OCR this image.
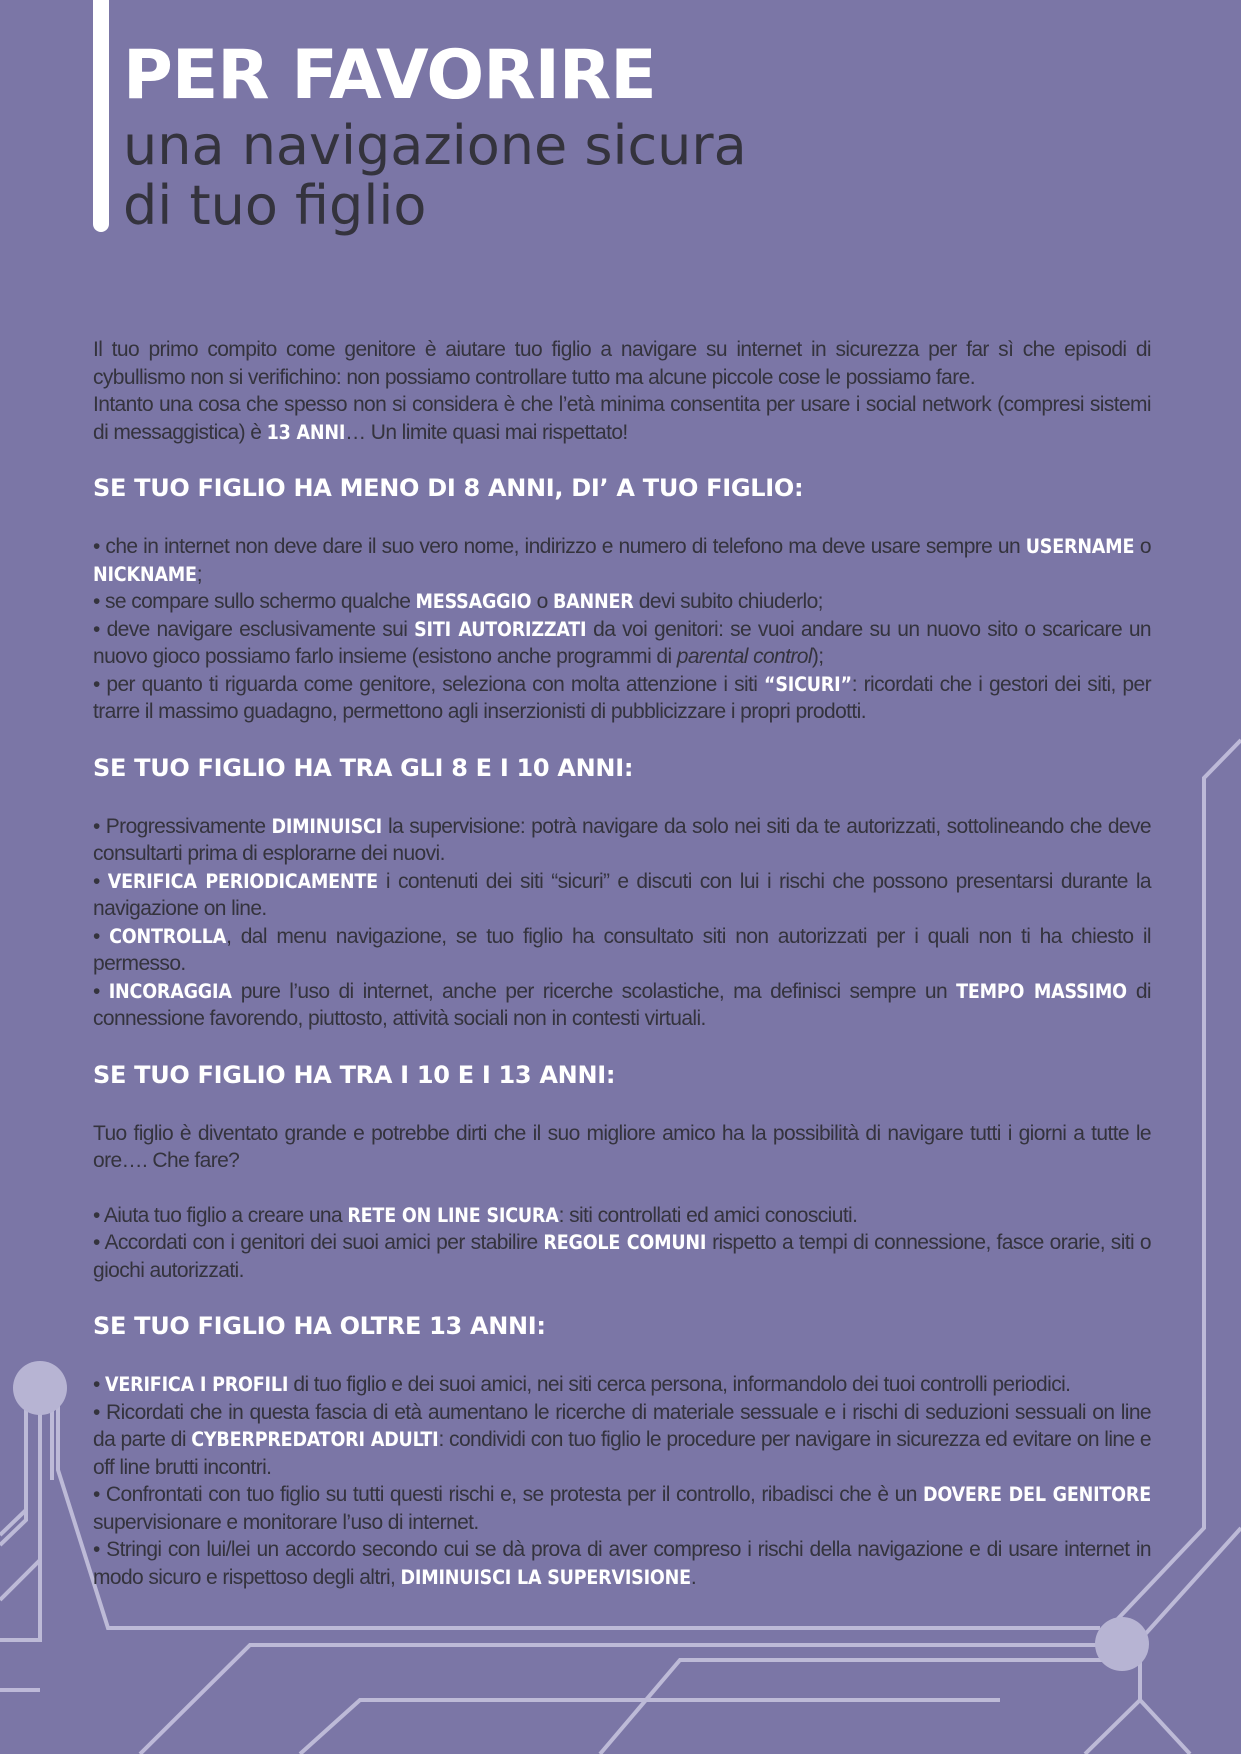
PER FAVORIRE
una navigazione sicura
di tuo figlio

Il tuo primo compito come genitore è aiutare tuo figlio a navigare su internet in sicurezza per far sì che episodi di cybullismo non si verifichino: non possiamo controllare tutto ma alcune piccole cose le possiamo fare.

Intanto una cosa che spesso non si considera è che l’età minima consentita per usare i social network (compresi sistemi di messaggistica) è 13 ANNI… Un limite quasi mai rispettato!

SE TUO FIGLIO HA MENO DI 8 ANNI, DI’ A TUO FIGLIO:

• che in internet non deve dare il suo vero nome, indirizzo e numero di telefono ma deve usare sempre un USERNAME o NICKNAME;

• se compare sullo schermo qualche MESSAGGIO o BANNER devi subito chiuderlo;

• deve navigare esclusivamente sui SITI AUTORIZZATI da voi genitori: se vuoi andare su un nuovo sito o scaricare un nuovo gioco possiamo farlo insieme (esistono anche programmi di parental control);

• per quanto ti riguarda come genitore, seleziona con molta attenzione i siti “SICURI”: ricordati che i gestori dei siti, per trarre il massimo guadagno, permettono agli inserzionisti di pubblicizzare i propri prodotti.

SE TUO FIGLIO HA TRA GLI 8 E I 10 ANNI:

• Progressivamente DIMINUISCI la supervisione: potrà navigare da solo nei siti da te autorizzati, sottolineando che deve consultarti prima di esplorarne dei nuovi.

• VERIFICA PERIODICAMENTE i contenuti dei siti “sicuri” e discuti con lui i rischi che possono presentarsi durante la navigazione on line.

• CONTROLLA, dal menu navigazione, se tuo figlio ha consultato siti non autorizzati per i quali non ti ha chiesto il permesso.

• INCORAGGIA pure l’uso di internet, anche per ricerche scolastiche, ma definisci sempre un TEMPO MASSIMO di connessione favorendo, piuttosto, attività sociali non in contesti virtuali.

SE TUO FIGLIO HA TRA I 10 E I 13 ANNI:

Tuo figlio è diventato grande e potrebbe dirti che il suo migliore amico ha la possibilità di navigare tutti i giorni a tutte le ore…. Che fare?

• Aiuta tuo figlio a creare una RETE ON LINE SICURA: siti controllati ed amici conosciuti.

• Accordati con i genitori dei suoi amici per stabilire REGOLE COMUNI rispetto a tempi di connessione, fasce orarie, siti o giochi autorizzati.

SE TUO FIGLIO HA OLTRE 13 ANNI:

• VERIFICA I PROFILI di tuo figlio e dei suoi amici, nei siti cerca persona, informandolo dei tuoi controlli periodici.

• Ricordati che in questa fascia di età aumentano le ricerche di materiale sessuale e i rischi di seduzioni sessuali on line da parte di CYBERPREDATORI ADULTI: condividi con tuo figlio le procedure per navigare in sicurezza ed evitare on line e off line brutti incontri.

• Confrontati con tuo figlio su tutti questi rischi e, se protesta per il controllo, ribadisci che è un DOVERE DEL GENITORE supervisionare e monitorare l’uso di internet.

• Stringi con lui/lei un accordo secondo cui se dà prova di aver compreso i rischi della navigazione e di usare internet in modo sicuro e rispettoso degli altri, DIMINUISCI LA SUPERVISIONE.
